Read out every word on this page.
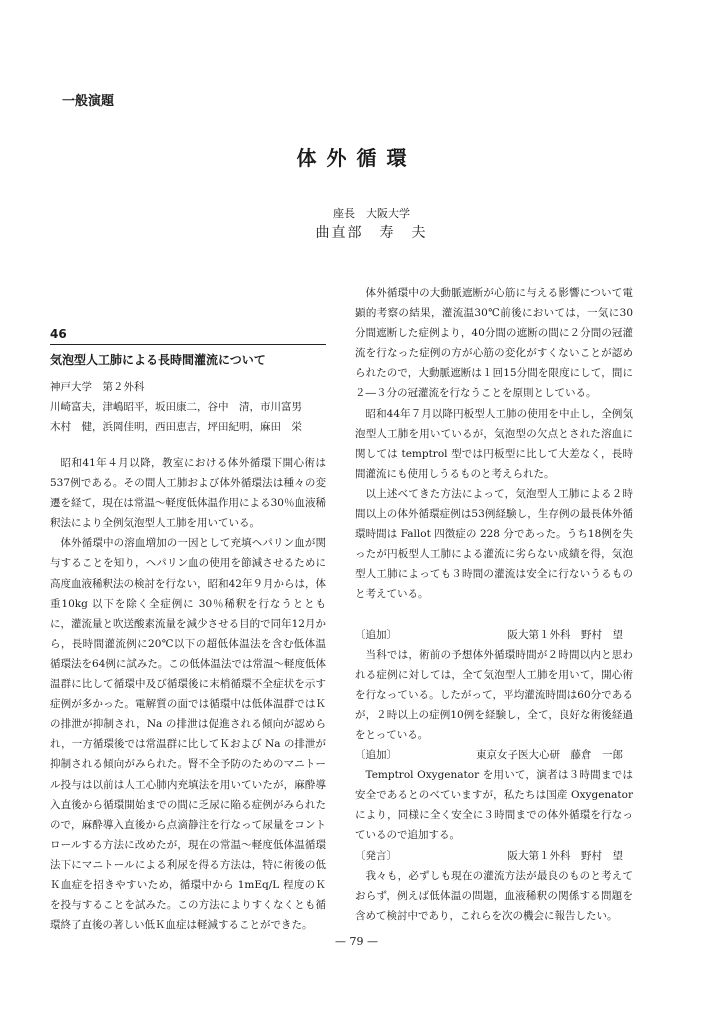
一般演題
体外循環
座長　大阪大学
曲直部　寿　夫
46
気泡型人工肺による長時間灌流について
神戸大学　第２外科
川崎富夫，津嶋昭平，坂田康二，谷中　清，市川富男
木村　健，浜岡佳明，西田恵吉，坪田紀明，麻田　栄

昭和41年４月以降，教室における体外循環下開心術は537例である。その間人工肺および体外循環法は種々の変遷を経て，現在は常温〜軽度低体温作用による30％血液稀釈法により全例気泡型人工肺を用いている。

体外循環中の溶血増加の一因として充填ヘパリン血が関与することを知り，ヘパリン血の使用を節減させるために高度血液稀釈法の検討を行ない，昭和42年９月からは，体重10kg 以下を除く全症例に 30％稀釈を行なうとともに，灌流量と吹送酸素流量を減少させる目的で同年12月から，長時間灌流例に20℃以下の超低体温法を含む低体温循環法を64例に試みた。この低体温法では常温〜軽度低体温群に比して循環中及び循環後に末梢循環不全症状を示す症例が多かった。電解質の面では循環中は低体温群ではＫの排泄が抑制され，Na の排泄は促進される傾向が認められ，一方循環後では常温群に比してＫおよび Na の排泄が抑制される傾向がみられた。腎不全予防のためのマニトール投与は以前は人工心肺内充填法を用いていたが，麻酔導入直後から循環開始までの間に乏尿に陥る症例がみられたので，麻酔導入直後から点滴静注を行なって尿量をコントロールする方法に改めたが，現在の常温〜軽度低体温循環法下にマニトールによる利尿を得る方法は，特に術後の低Ｋ血症を招きやすいため，循環中から 1mEq/L 程度のＫを投与することを試みた。この方法によりすくなくとも循環終了直後の著しい低Ｋ血症は軽減することができた。

体外循環中の大動脈遮断が心筋に与える影響について電顕的考察の結果，灌流温30℃前後においては，一気に30分間遮断した症例より，40分間の遮断の間に２分間の冠灌流を行なった症例の方が心筋の変化がすくないことが認められたので，大動脈遮断は１回15分間を限度にして，間に２―３分の冠灌流を行なうことを原則としている。

昭和44年７月以降円板型人工肺の使用を中止し，全例気泡型人工肺を用いているが，気泡型の欠点とされた溶血に関しては temptrol 型では円板型に比して大差なく，長時間灌流にも使用しうるものと考えられた。

以上述べてきた方法によって，気泡型人工肺による２時間以上の体外循環症例は53例経験し，生存例の最長体外循環時間は Fallot 四徴症の 228 分であった。うち18例を失ったが円板型人工肺による灌流に劣らない成績を得，気泡型人工肺によっても３時間の灌流は安全に行ないうるものと考えている。

〔追加〕	阪大第１外科　野村　望

当科では，術前の予想体外循環時間が２時間以内と思われる症例に対しては，全て気泡型人工肺を用いて，開心術を行なっている。したがって，平均灌流時間は60分であるが，２時以上の症例10例を経験し，全て，良好な術後経過をとっている。

〔追加〕	東京女子医大心研　藤倉　一郎

Temptrol Oxygenator を用いて，演者は３時間までは安全であるとのべていますが，私たちは国産 Oxygenator により，同様に全く安全に３時間までの体外循環を行なっているので追加する。

〔発言〕	阪大第１外科　野村　望

我々も，必ずしも現在の灌流方法が最良のものと考えておらず，例えば低体温の問題，血液稀釈の関係する問題を含めて検討中であり，これらを次の機会に報告したい。

— 79 —
